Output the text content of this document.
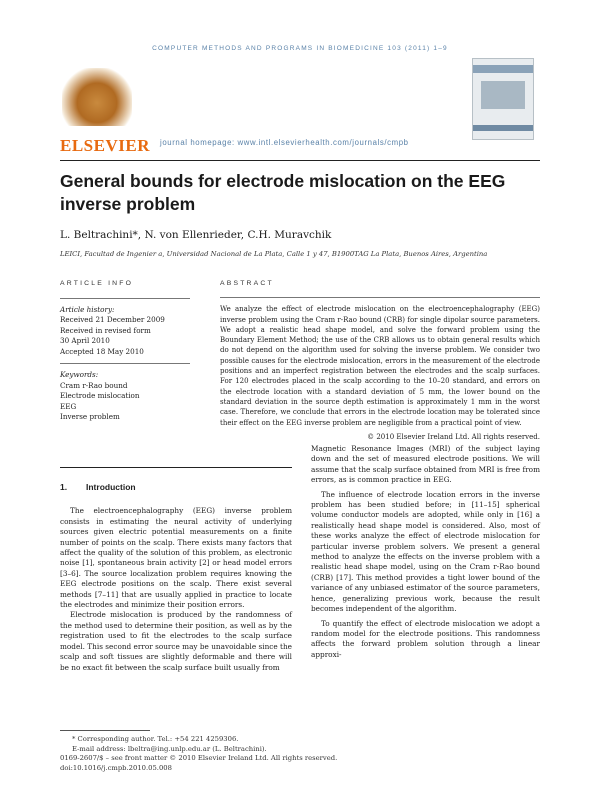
COMPUTER METHODS AND PROGRAMS IN BIOMEDICINE 103 (2011) 1–9
ELSEVIER journal homepage: www.intl.elsevierhealth.com/journals/cmpb
General bounds for electrode mislocation on the EEG inverse problem
L. Beltrachini*, N. von Ellenrieder, C.H. Muravchik
LEICI, Facultad de Ingenier a, Universidad Nacional de La Plata, Calle 1 y 47, B1900TAG La Plata, Buenos Aires, Argentina
ARTICLE INFO
Article history:
Received 21 December 2009
Received in revised form
30 April 2010
Accepted 18 May 2010
Keywords:
Cram r-Rao bound
Electrode mislocation
EEG
Inverse problem
ABSTRACT

We analyze the effect of electrode mislocation on the electroencephalography (EEG) inverse problem using the Cram r-Rao bound (CRB) for single dipolar source parameters. We adopt a realistic head shape model, and solve the forward problem using the Boundary Element Method; the use of the CRB allows us to obtain general results which do not depend on the algorithm used for solving the inverse problem. We consider two possible causes for the electrode mislocation, errors in the measurement of the electrode positions and an imperfect registration between the electrodes and the scalp surfaces. For 120 electrodes placed in the scalp according to the 10–20 standard, and errors on the electrode location with a standard deviation of 5 mm, the lower bound on the standard deviation in the source depth estimation is approximately 1 mm in the worst case. Therefore, we conclude that errors in the electrode location may be tolerated since their effect on the EEG inverse problem are negligible from a practical point of view.

© 2010 Elsevier Ireland Ltd. All rights reserved.
1. Introduction

The electroencephalography (EEG) inverse problem consists in estimating the neural activity of underlying sources given electric potential measurements on a finite number of points on the scalp. There exists many factors that affect the quality of the solution of this problem, as electronic noise [1], spontaneous brain activity [2] or head model errors [3–6]. The source localization problem requires knowing the EEG electrode positions on the scalp. There exist several methods [7–11] that are usually applied in practice to locate the electrodes and minimize their position errors.

Electrode mislocation is produced by the randomness of the method used to determine their position, as well as by the registration used to fit the electrodes to the scalp surface model. This second error source may be unavoidable since the scalp and soft tissues are slightly deformable and there will be no exact fit between the scalp surface built usually from

Magnetic Resonance Images (MRI) of the subject laying down and the set of measured electrode positions. We will assume that the scalp surface obtained from MRI is free from errors, as is common practice in EEG.

The influence of electrode location errors in the inverse problem has been studied before; in [11–15] spherical volume conductor models are adopted, while only in [16] a realistically head shape model is considered. Also, most of these works analyze the effect of electrode mislocation for particular inverse problem solvers. We present a general method to analyze the effects on the inverse problem with a realistic head shape model, using on the Cram r-Rao bound (CRB) [17]. This method provides a tight lower bound of the variance of any unbiased estimator of the source parameters, hence, generalizing previous work, because the result becomes independent of the algorithm.

To quantify the effect of electrode mislocation we adopt a random model for the electrode positions. This randomness affects the forward problem solution through a linear approxi-

* Corresponding author. Tel.: +54 221 4259306.
E-mail address: lbeltra@ing.unlp.edu.ar (L. Beltrachini).
0169-2607/$ – see front matter © 2010 Elsevier Ireland Ltd. All rights reserved.
doi:10.1016/j.cmpb.2010.05.008
